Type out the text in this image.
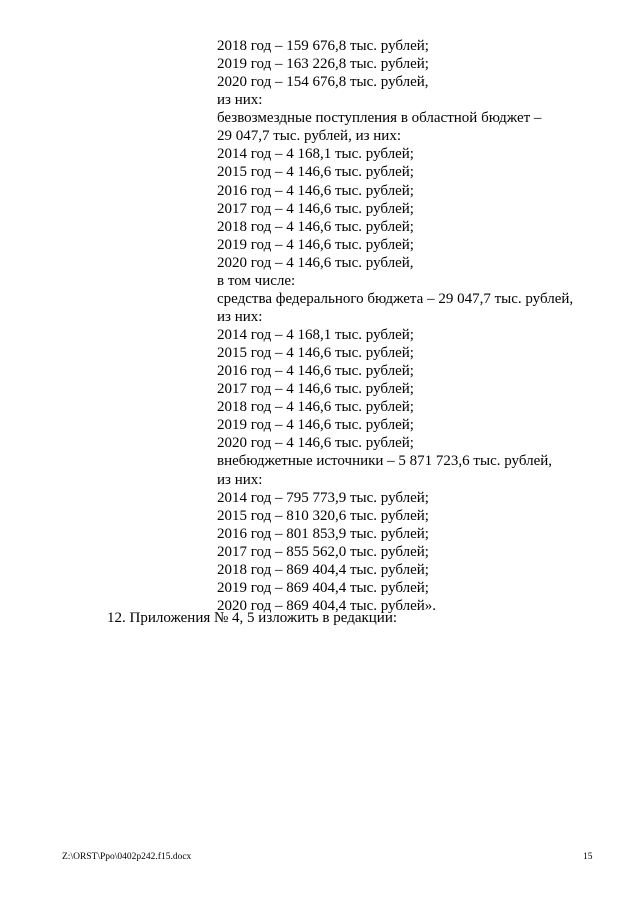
2018 год – 159 676,8 тыс. рублей;
2019 год – 163 226,8 тыс. рублей;
2020 год – 154 676,8 тыс. рублей,
из них:
безвозмездные поступления в областной бюджет –
29 047,7 тыс. рублей, из них:
2014 год – 4 168,1 тыс. рублей;
2015 год – 4 146,6 тыс. рублей;
2016 год – 4 146,6 тыс. рублей;
2017 год – 4 146,6 тыс. рублей;
2018 год – 4 146,6 тыс. рублей;
2019 год – 4 146,6 тыс. рублей;
2020 год – 4 146,6 тыс. рублей,
в том числе:
средства федерального бюджета – 29 047,7 тыс. рублей,
из них:
2014 год – 4 168,1 тыс. рублей;
2015 год – 4 146,6 тыс. рублей;
2016 год – 4 146,6 тыс. рублей;
2017 год – 4 146,6 тыс. рублей;
2018 год – 4 146,6 тыс. рублей;
2019 год – 4 146,6 тыс. рублей;
2020 год – 4 146,6 тыс. рублей;
внебюджетные источники – 5 871 723,6 тыс. рублей,
из них:
2014 год – 795 773,9 тыс. рублей;
2015 год – 810 320,6 тыс. рублей;
2016 год – 801 853,9 тыс. рублей;
2017 год – 855 562,0 тыс. рублей;
2018 год – 869 404,4 тыс. рублей;
2019 год – 869 404,4 тыс. рублей;
2020 год – 869 404,4 тыс. рублей».
12. Приложения № 4, 5 изложить в редакции:
Z:\ORST\Ppo\0402p242.f15.docx	15
